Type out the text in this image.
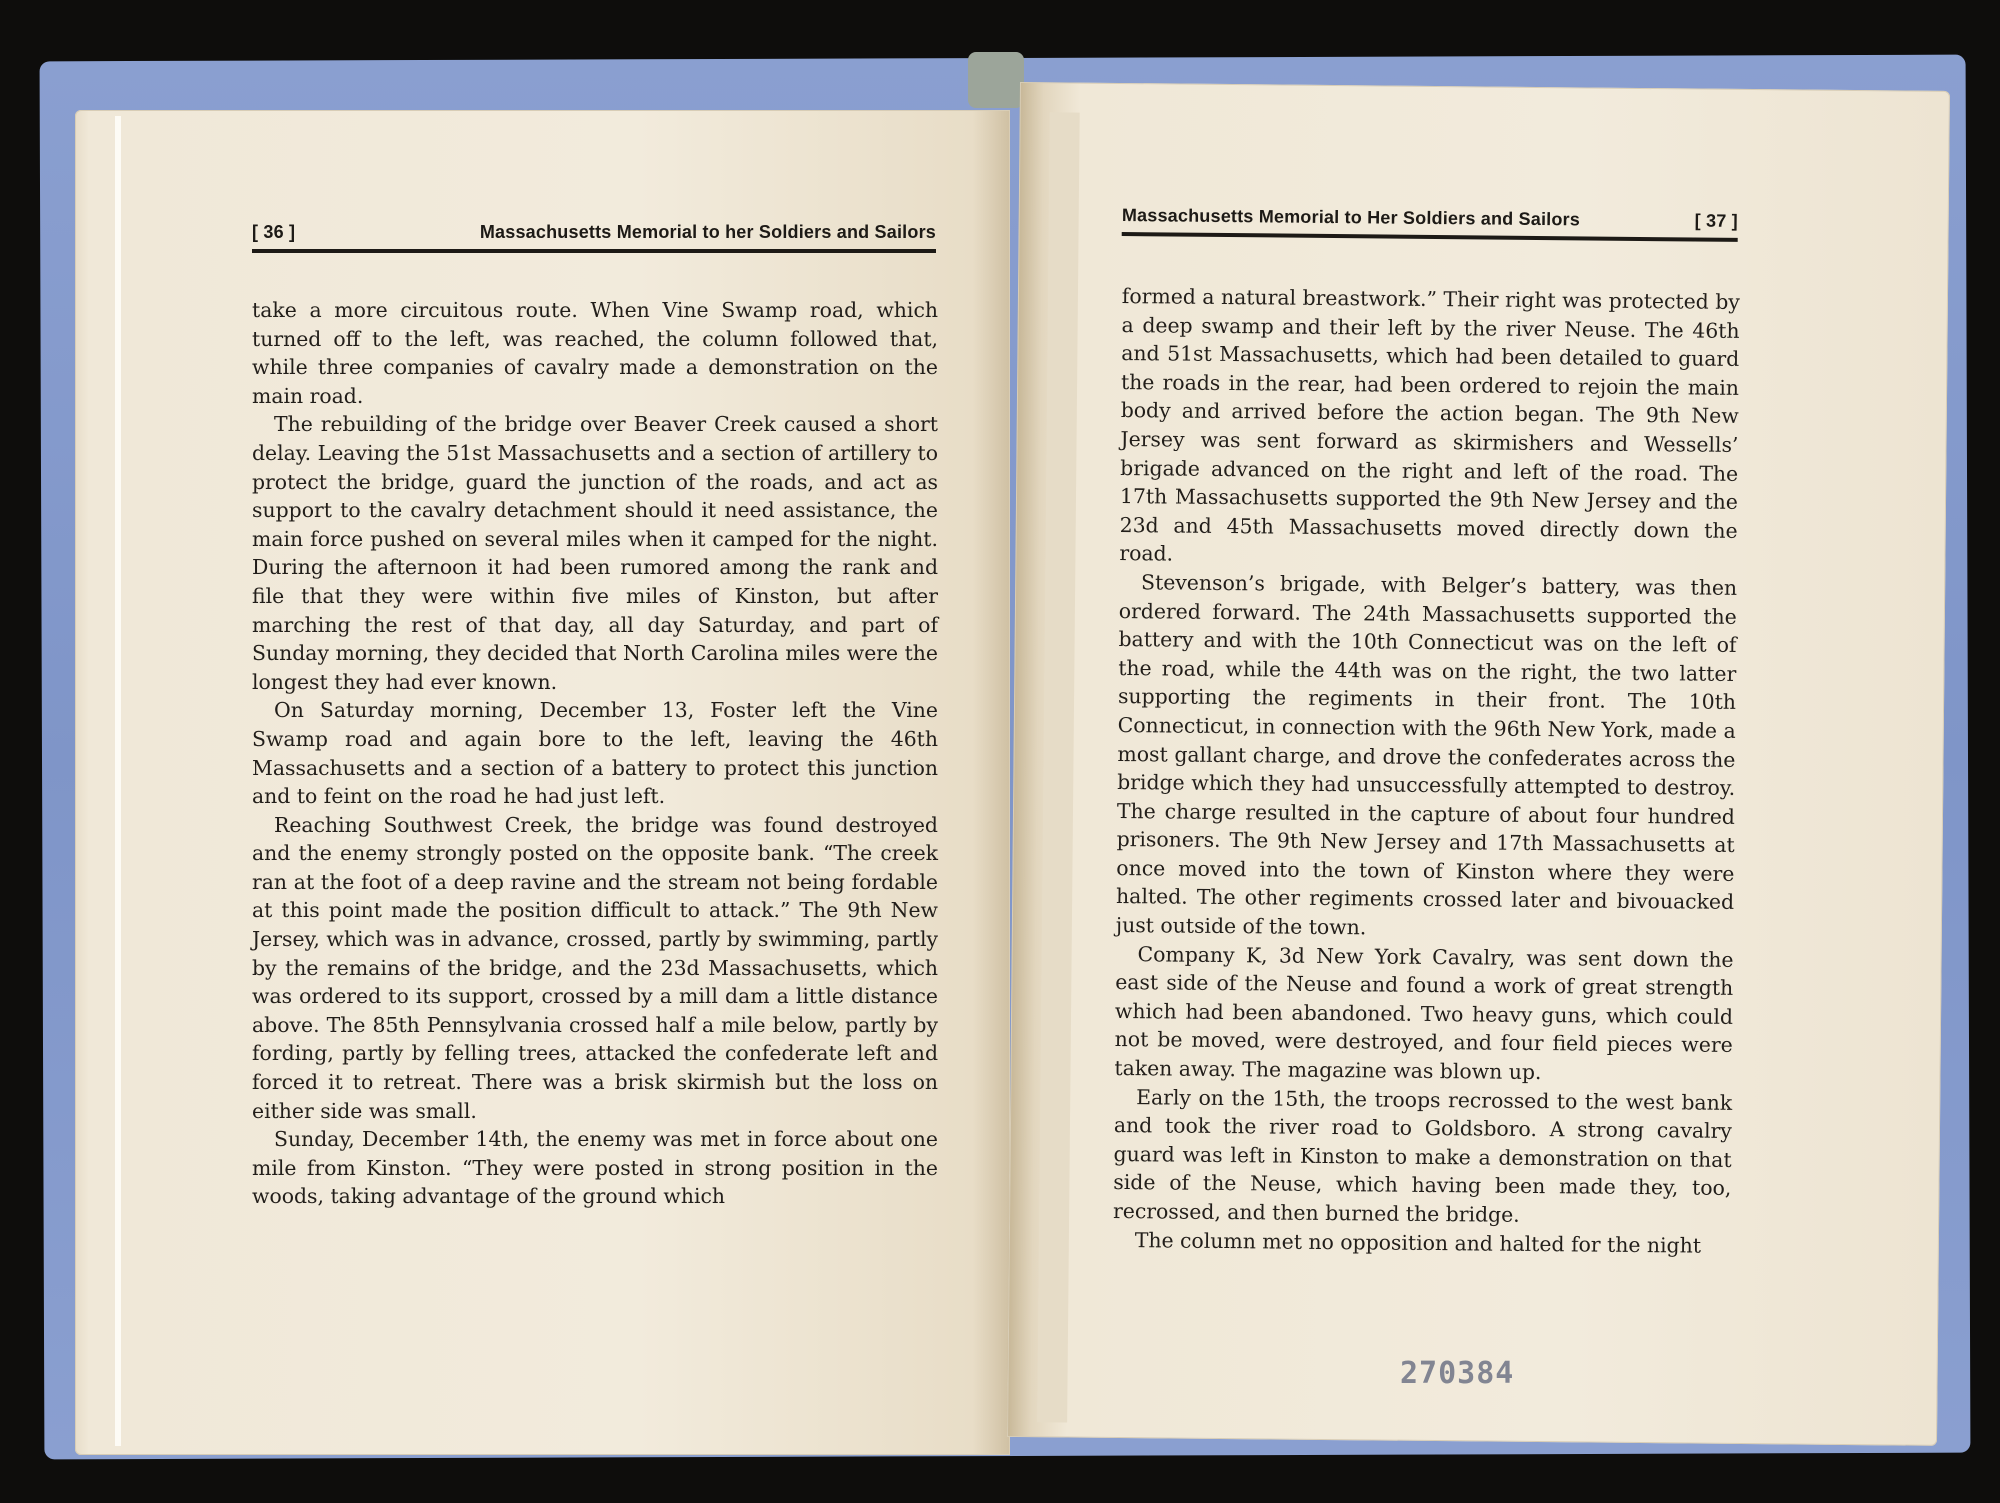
[ 36 ]	Massachusetts Memorial to her Soldiers and Sailors

take a more circuitous route. When Vine Swamp road, which turned off to the left, was reached, the column followed that, while three companies of cavalry made a demonstration on the main road.

The rebuilding of the bridge over Beaver Creek caused a short delay. Leaving the 51st Massachusetts and a section of artillery to protect the bridge, guard the junction of the roads, and act as support to the cavalry detachment should it need assistance, the main force pushed on several miles when it camped for the night. During the afternoon it had been rumored among the rank and file that they were within five miles of Kinston, but after marching the rest of that day, all day Saturday, and part of Sunday morning, they decided that North Carolina miles were the longest they had ever known.

On Saturday morning, December 13, Foster left the Vine Swamp road and again bore to the left, leaving the 46th Massachusetts and a section of a battery to protect this junction and to feint on the road he had just left.

Reaching Southwest Creek, the bridge was found destroyed and the enemy strongly posted on the opposite bank. “The creek ran at the foot of a deep ravine and the stream not being fordable at this point made the position difficult to attack.” The 9th New Jersey, which was in advance, crossed, partly by swimming, partly by the remains of the bridge, and the 23d Massachusetts, which was ordered to its support, crossed by a mill dam a little distance above. The 85th Pennsylvania crossed half a mile below, partly by fording, partly by felling trees, attacked the confederate left and forced it to retreat. There was a brisk skirmish but the loss on either side was small.

Sunday, December 14th, the enemy was met in force about one mile from Kinston. “They were posted in strong position in the woods, taking advantage of the ground which

Massachusetts Memorial to Her Soldiers and Sailors	[ 37 ]

formed a natural breastwork.” Their right was protected by a deep swamp and their left by the river Neuse. The 46th and 51st Massachusetts, which had been detailed to guard the roads in the rear, had been ordered to rejoin the main body and arrived before the action began. The 9th New Jersey was sent forward as skirmishers and Wessells’ brigade advanced on the right and left of the road. The 17th Massachusetts supported the 9th New Jersey and the 23d and 45th Massachusetts moved directly down the road.

Stevenson’s brigade, with Belger’s battery, was then ordered forward. The 24th Massachusetts supported the battery and with the 10th Connecticut was on the left of the road, while the 44th was on the right, the two latter supporting the regiments in their front. The 10th Connecticut, in connection with the 96th New York, made a most gallant charge, and drove the confederates across the bridge which they had unsuccessfully attempted to destroy. The charge resulted in the capture of about four hundred prisoners. The 9th New Jersey and 17th Massachusetts at once moved into the town of Kinston where they were halted. The other regiments crossed later and bivouacked just outside of the town.

Company K, 3d New York Cavalry, was sent down the east side of the Neuse and found a work of great strength which had been abandoned. Two heavy guns, which could not be moved, were destroyed, and four field pieces were taken away. The magazine was blown up.

Early on the 15th, the troops recrossed to the west bank and took the river road to Goldsboro. A strong cavalry guard was left in Kinston to make a demonstration on that side of the Neuse, which having been made they, too, recrossed, and then burned the bridge.

The column met no opposition and halted for the night

270384
